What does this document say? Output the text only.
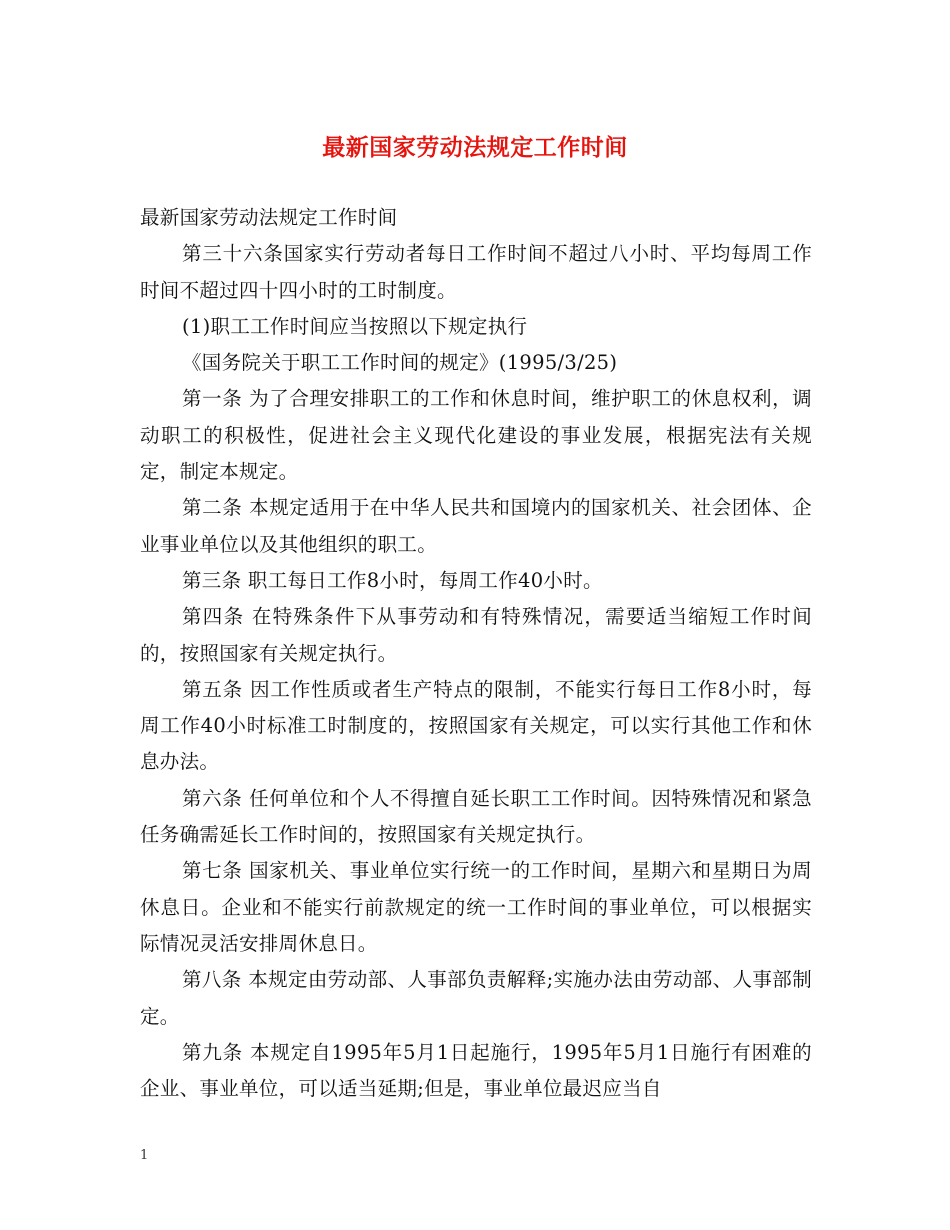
最新国家劳动法规定工作时间

最新国家劳动法规定工作时间

第三十六条国家实行劳动者每日工作时间不超过八小时、平均每周工作时间不超过四十四小时的工时制度。

(1)职工工作时间应当按照以下规定执行

《国务院关于职工工作时间的规定》(1995/3/25)

第一条 为了合理安排职工的工作和休息时间，维护职工的休息权利，调动职工的积极性，促进社会主义现代化建设的事业发展，根据宪法有关规定，制定本规定。

第二条 本规定适用于在中华人民共和国境内的国家机关、社会团体、企业事业单位以及其他组织的职工。

第三条 职工每日工作8小时，每周工作40小时。

第四条 在特殊条件下从事劳动和有特殊情况，需要适当缩短工作时间的，按照国家有关规定执行。

第五条 因工作性质或者生产特点的限制，不能实行每日工作8小时，每周工作40小时标准工时制度的，按照国家有关规定，可以实行其他工作和休息办法。

第六条 任何单位和个人不得擅自延长职工工作时间。因特殊情况和紧急任务确需延长工作时间的，按照国家有关规定执行。

第七条 国家机关、事业单位实行统一的工作时间，星期六和星期日为周休息日。企业和不能实行前款规定的统一工作时间的事业单位，可以根据实际情况灵活安排周休息日。

第八条 本规定由劳动部、人事部负责解释;实施办法由劳动部、人事部制定。

第九条 本规定自1995年5月1日起施行，1995年5月1日施行有困难的企业、事业单位，可以适当延期;但是，事业单位最迟应当自

1
